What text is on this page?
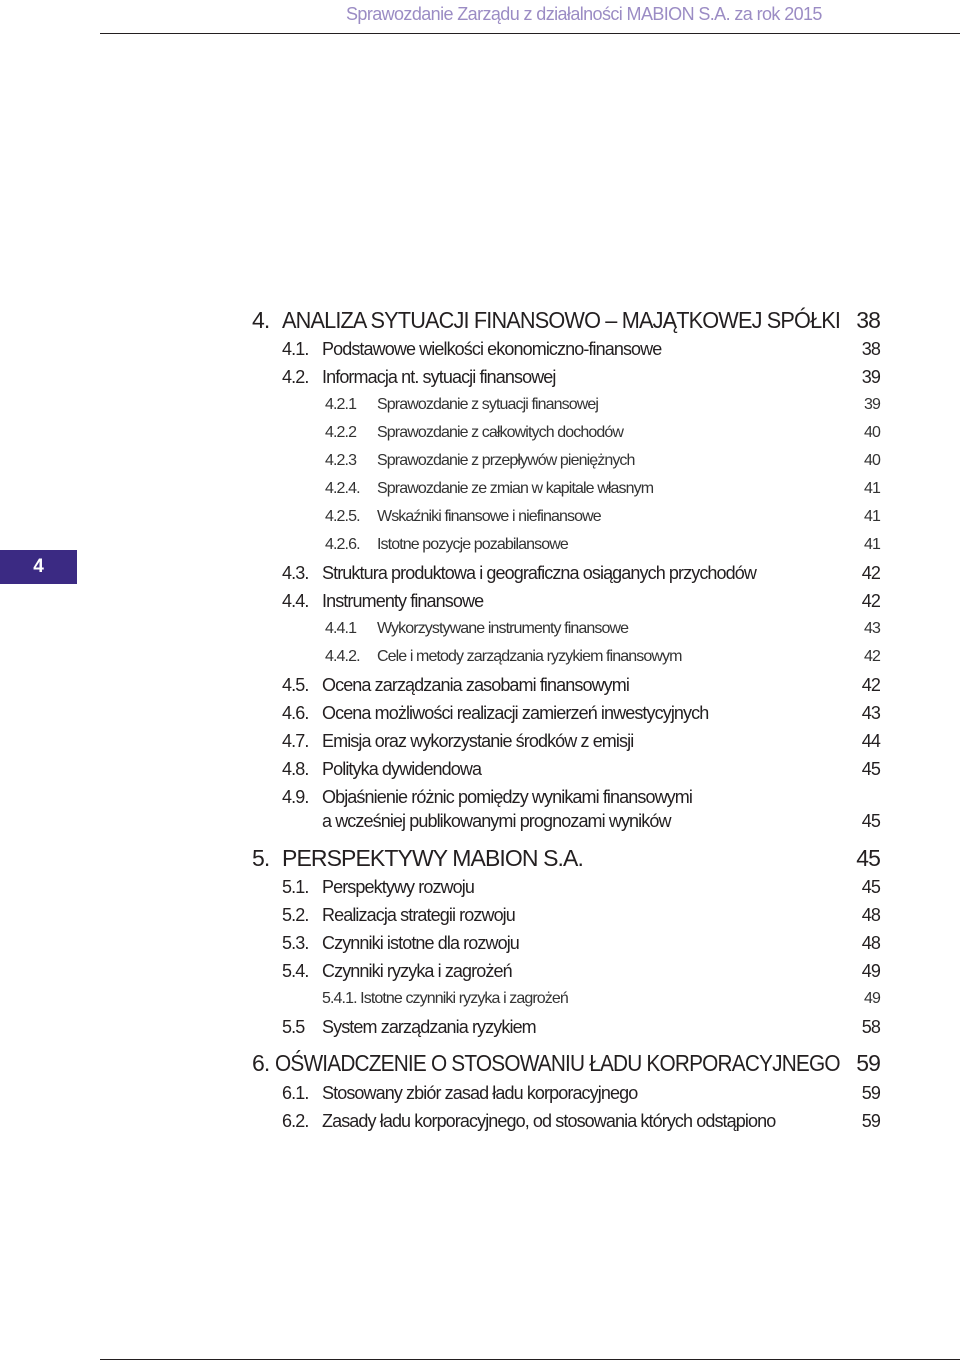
Sprawozdanie Zarządu z działalności MABION S.A. za rok 2015
4
4. ANALIZA SYTUACJI FINANSOWO – MAJĄTKOWEJ SPÓŁKI 38
4.1. Podstawowe wielkości ekonomiczno-finansowe	38
4.2. Informacja nt. sytuacji finansowej	39
4.2.1 Sprawozdanie z sytuacji finansowej	39
4.2.2 Sprawozdanie z całkowitych dochodów	40
4.2.3 Sprawozdanie z przepływów pieniężnych	40
4.2.4. Sprawozdanie ze zmian w kapitale własnym	41
4.2.5. Wskaźniki finansowe i niefinansowe	41
4.2.6. Istotne pozycje pozabilansowe	41
4.3. Struktura produktowa i geograficzna osiąganych przychodów	42
4.4. Instrumenty finansowe	42
4.4.1 Wykorzystywane instrumenty finansowe	43
4.4.2. Cele i metody zarządzania ryzykiem finansowym	42
4.5. Ocena zarządzania zasobami finansowymi	42
4.6. Ocena możliwości realizacji zamierzeń inwestycyjnych	43
4.7. Emisja oraz wykorzystanie środków z emisji	44
4.8. Polityka dywidendowa	45
4.9. Objaśnienie różnic pomiędzy wynikami finansowymi
a wcześniej publikowanymi prognozami wyników	45
5. PERSPEKTYWY MABION S.A.	45
5.1. Perspektywy rozwoju	45
5.2. Realizacja strategii rozwoju	48
5.3. Czynniki istotne dla rozwoju	48
5.4. Czynniki ryzyka i zagrożeń	49
5.4.1. Istotne czynniki ryzyka i zagrożeń	49
5.5 System zarządzania ryzykiem	58
6. OŚWIADCZENIE O STOSOWANIU ŁADU KORPORACYJNEGO 59
6.1. Stosowany zbiór zasad ładu korporacyjnego	59
6.2. Zasady ładu korporacyjnego, od stosowania których odstąpiono	59
